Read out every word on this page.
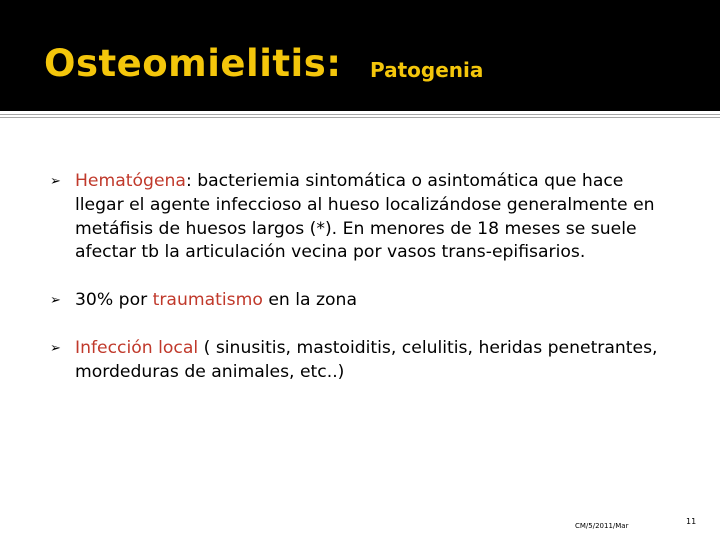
Osteomielitis: Patogenia
➢ Hematógena: bacteriemia sintomática o asintomática que hace llegar el agente infeccioso al hueso localizándose generalmente en metáfisis de huesos largos (*). En menores de 18 meses se suele afectar tb la articulación vecina por vasos trans-epifisarios.
➢ 30% por traumatismo en la zona
➢ Infección local ( sinusitis, mastoiditis, celulitis, heridas penetrantes, mordeduras de animales, etc..)
CM/5/2011/Mar	11
